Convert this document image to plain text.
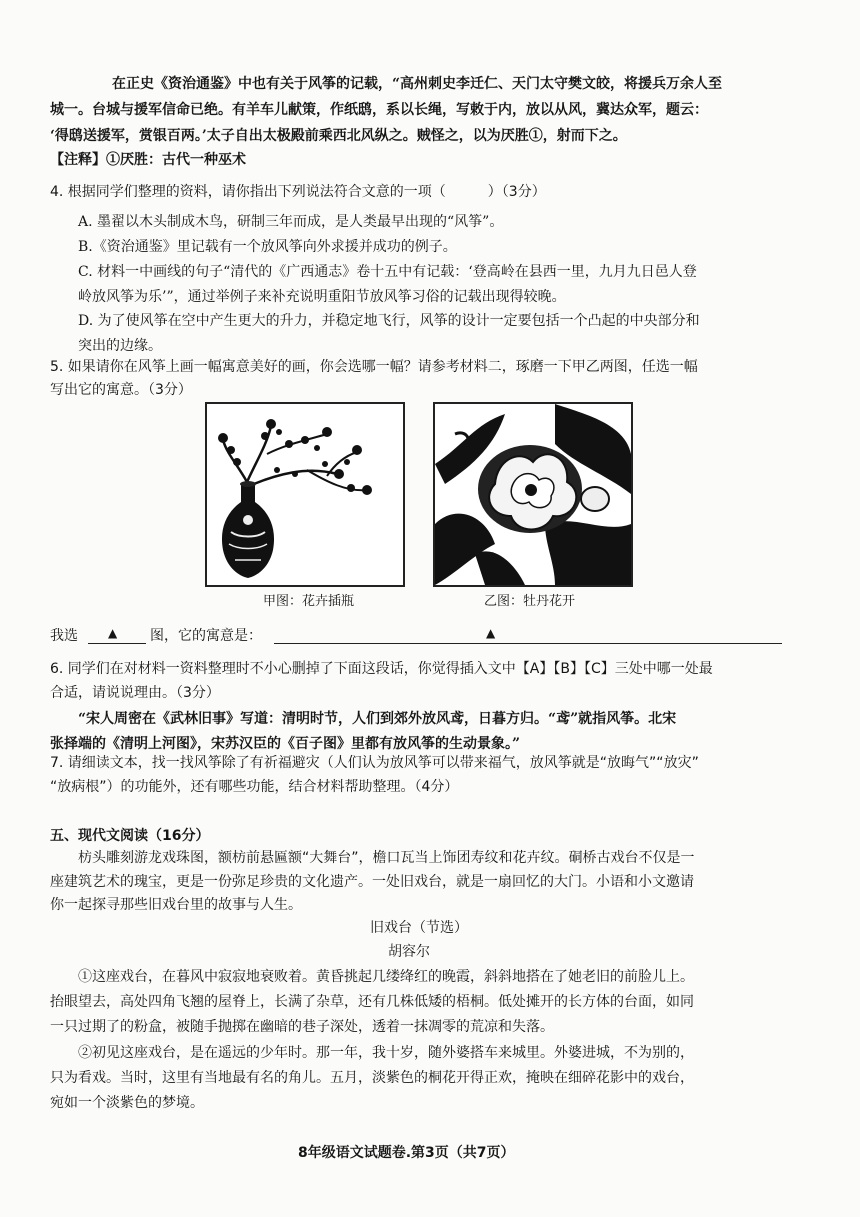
在正史《资治通鉴》中也有关于风筝的记载，“高州刺史李迁仁、天门太守樊文皎，将援兵万余人至
城一。台城与援军信命已绝。有羊车儿献策，作纸鸱，系以长绳，写敕于内，放以从风，冀达众军，题云：
‘得鸱送援军，赏银百两。’太子自出太极殿前乘西北风纵之。贼怪之，以为厌胜①，射而下之。
【注释】①厌胜：古代一种巫术
4. 根据同学们整理的资料，请你指出下列说法符合文意的一项（　　　）（3分）
A. 墨翟以木头制成木鸟，研制三年而成，是人类最早出现的“风筝”。
B.《资治通鉴》里记载有一个放风筝向外求援并成功的例子。
C. 材料一中画线的句子“清代的《广西通志》卷十五中有记载：‘登高岭在县西一里，九月九日邑人登
岭放风筝为乐’”，通过举例子来补充说明重阳节放风筝习俗的记载出现得较晚。
D. 为了使风筝在空中产生更大的升力，并稳定地飞行，风筝的设计一定要包括一个凸起的中央部分和
突出的边缘。
5. 如果请你在风筝上画一幅寓意美好的画，你会选哪一幅？请参考材料二，琢磨一下甲乙两图，任选一幅
写出它的寓意。（3分）
甲图：花卉插瓶	乙图：牡丹花开
我选	▲ 图，它的寓意是：	▲
6. 同学们在对材料一资料整理时不小心删掉了下面这段话，你觉得插入文中【A】【B】【C】三处中哪一处最
合适，请说说理由。（3分）
“宋人周密在《武林旧事》写道：清明时节，人们到郊外放风鸢，日暮方归。“鸢”就指风筝。北宋
张择端的《清明上河图》，宋苏汉臣的《百子图》里都有放风筝的生动景象。”
7. 请细读文本，找一找风筝除了有祈福避灾（人们认为放风筝可以带来福气，放风筝就是“放晦气”“放灾”
“放病根”）的功能外，还有哪些功能，结合材料帮助整理。（4分）
五、现代文阅读（16分）
枋头雕刻游龙戏珠图，额枋前悬匾额“大舞台”，檐口瓦当上饰团寿纹和花卉纹。硐桥古戏台不仅是一
座建筑艺术的瑰宝，更是一份弥足珍贵的文化遗产。一处旧戏台，就是一扇回忆的大门。小语和小文邀请
你一起探寻那些旧戏台里的故事与人生。
旧戏台（节选）
胡容尔
①这座戏台，在暮风中寂寂地衰败着。黄昏挑起几缕绛红的晚霞，斜斜地搭在了她老旧的前脸儿上。
抬眼望去，高处四角飞翘的屋脊上，长满了杂草，还有几株低矮的梧桐。低处摊开的长方体的台面，如同
一只过期了的粉盒，被随手抛掷在幽暗的巷子深处，透着一抹凋零的荒凉和失落。
②初见这座戏台，是在遥远的少年时。那一年，我十岁，随外婆搭车来城里。外婆进城，不为别的，
只为看戏。当时，这里有当地最有名的角儿。五月，淡紫色的桐花开得正欢，掩映在细碎花影中的戏台，
宛如一个淡紫色的梦境。
8年级语文试题卷.第3页（共7页）
